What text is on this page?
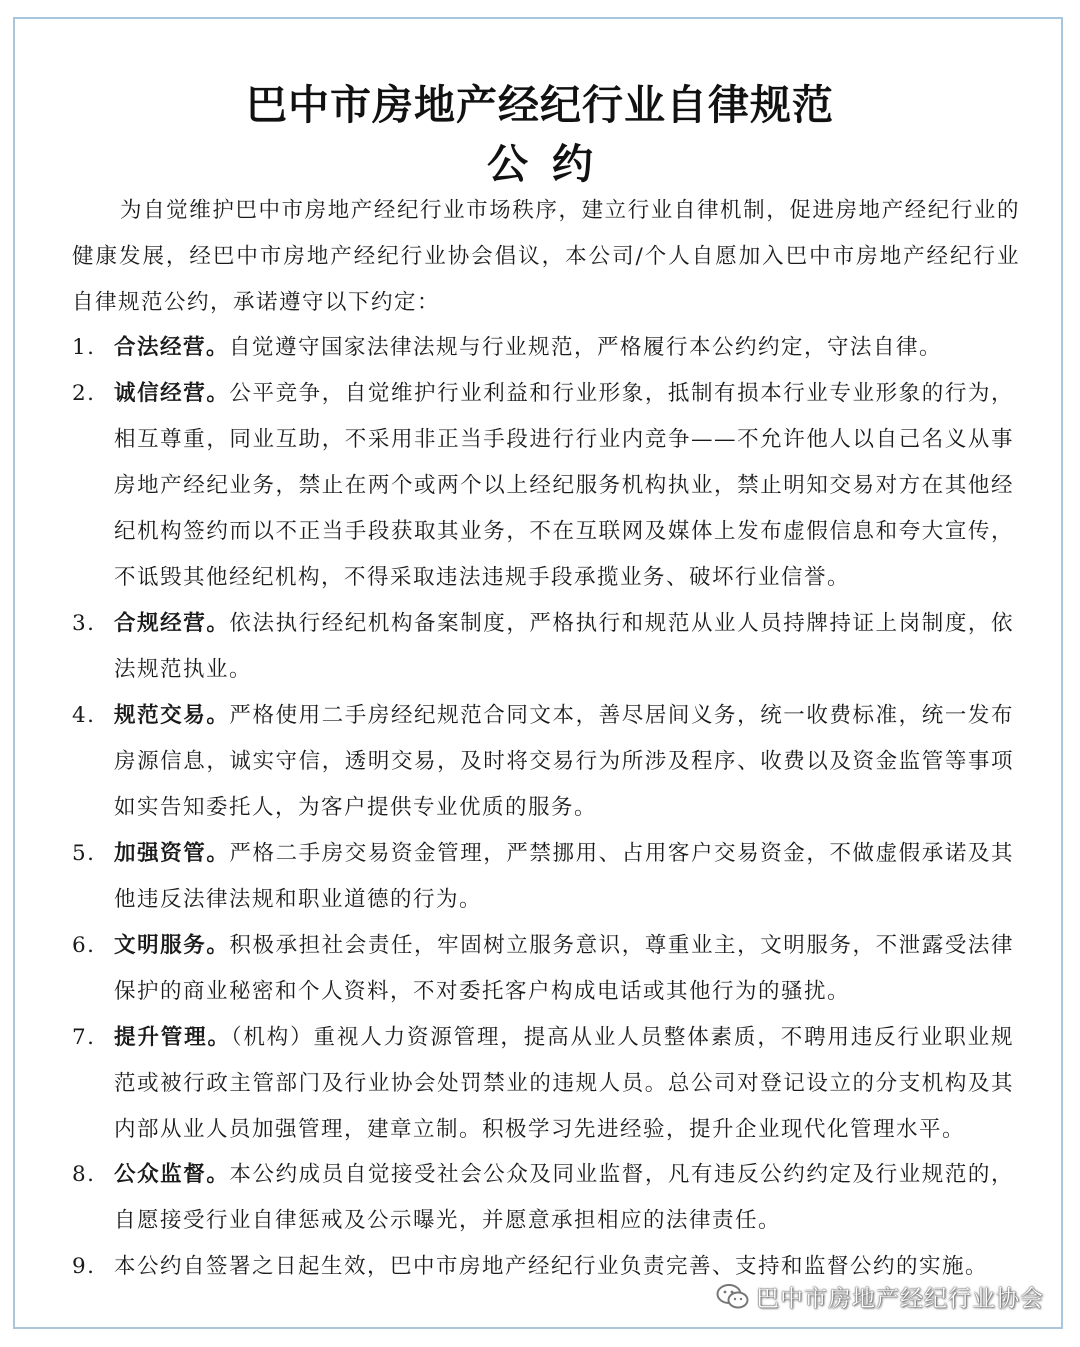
巴中市房地产经纪行业自律规范
公约
为自觉维护巴中市房地产经纪行业市场秩序，建立行业自律机制，促进房地产经纪行业的健康发展，经巴中市房地产经纪行业协会倡议，本公司/个人自愿加入巴中市房地产经纪行业自律规范公约，承诺遵守以下约定：
1. 合法经营。自觉遵守国家法律法规与行业规范，严格履行本公约约定，守法自律。
2. 诚信经营。公平竞争，自觉维护行业利益和行业形象，抵制有损本行业专业形象的行为，相互尊重，同业互助，不采用非正当手段进行行业内竞争——不允许他人以自己名义从事房地产经纪业务，禁止在两个或两个以上经纪服务机构执业，禁止明知交易对方在其他经纪机构签约而以不正当手段获取其业务，不在互联网及媒体上发布虚假信息和夸大宣传，不诋毁其他经纪机构，不得采取违法违规手段承揽业务、破坏行业信誉。
3. 合规经营。依法执行经纪机构备案制度，严格执行和规范从业人员持牌持证上岗制度，依法规范执业。
4. 规范交易。严格使用二手房经纪规范合同文本，善尽居间义务，统一收费标准，统一发布房源信息，诚实守信，透明交易，及时将交易行为所涉及程序、收费以及资金监管等事项如实告知委托人，为客户提供专业优质的服务。
5. 加强资管。严格二手房交易资金管理，严禁挪用、占用客户交易资金，不做虚假承诺及其他违反法律法规和职业道德的行为。
6. 文明服务。积极承担社会责任，牢固树立服务意识，尊重业主，文明服务，不泄露受法律保护的商业秘密和个人资料，不对委托客户构成电话或其他行为的骚扰。
7. 提升管理。（机构）重视人力资源管理，提高从业人员整体素质，不聘用违反行业职业规范或被行政主管部门及行业协会处罚禁业的违规人员。总公司对登记设立的分支机构及其内部从业人员加强管理，建章立制。积极学习先进经验，提升企业现代化管理水平。
8. 公众监督。本公约成员自觉接受社会公众及同业监督，凡有违反公约约定及行业规范的，自愿接受行业自律惩戒及公示曝光，并愿意承担相应的法律责任。
9. 本公约自签署之日起生效，巴中市房地产经纪行业负责完善、支持和监督公约的实施。
巴中市房地产经纪行业协会
